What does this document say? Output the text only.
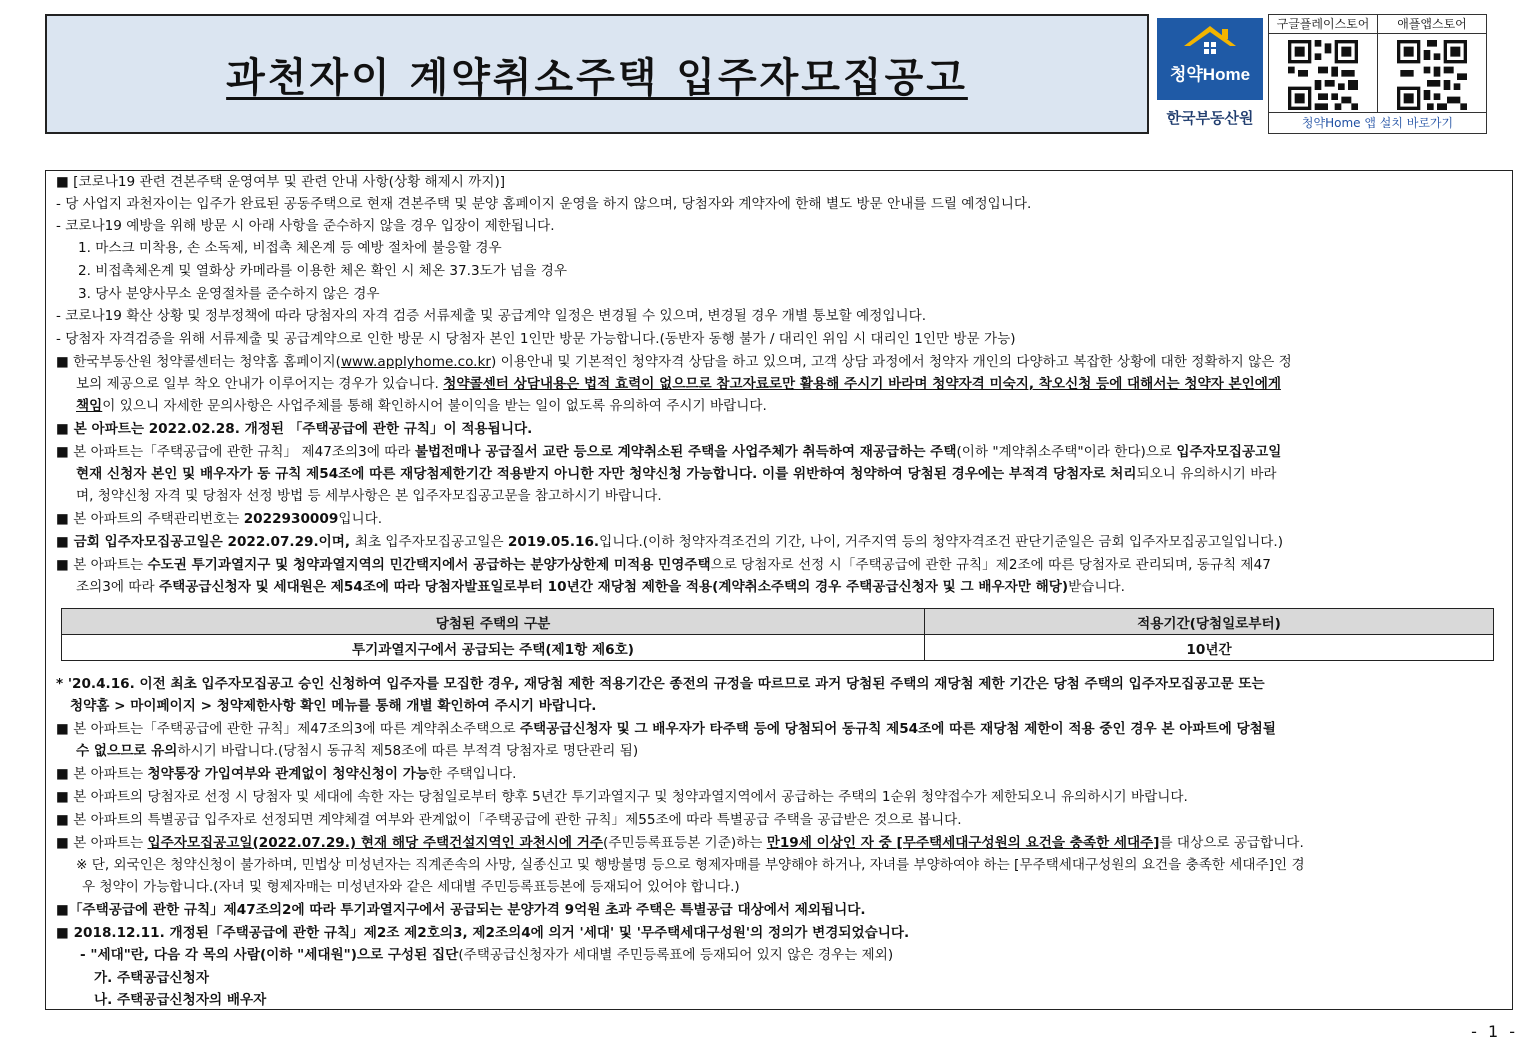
과천자이 계약취소주택 입주자모집공고	청약Home
한국부동산원
구글플레이스토어	애플앱스토어
청약Home 앱 설치 바로가기
■ [코로나19 관련 견본주택 운영여부 및 관련 안내 사항(상황 해제시 까지)]
- 당 사업지 과천자이는 입주가 완료된 공동주택으로 현재 견본주택 및 분양 홈페이지 운영을 하지 않으며, 당첨자와 계약자에 한해 별도 방문 안내를 드릴 예정입니다.
- 코로나19 예방을 위해 방문 시 아래 사항을 준수하지 않을 경우 입장이 제한됩니다.
1. 마스크 미착용, 손 소독제, 비접촉 체온계 등 예방 절차에 불응할 경우
2. 비접촉체온계 및 열화상 카메라를 이용한 체온 확인 시 체온 37.3도가 넘을 경우
3. 당사 분양사무소 운영절차를 준수하지 않은 경우
- 코로나19 확산 상황 및 정부정책에 따라 당첨자의 자격 검증 서류제출 및 공급계약 일정은 변경될 수 있으며, 변경될 경우 개별 통보할 예정입니다.
- 당첨자 자격검증을 위해 서류제출 및 공급계약으로 인한 방문 시 당첨자 본인 1인만 방문 가능합니다.(동반자 동행 불가 / 대리인 위임 시 대리인 1인만 방문 가능)
■ 한국부동산원 청약콜센터는 청약홈 홈페이지(www.applyhome.co.kr) 이용안내 및 기본적인 청약자격 상담을 하고 있으며, 고객 상담 과정에서 청약자 개인의 다양하고 복잡한 상황에 대한 정확하지 않은 정
보의 제공으로 일부 착오 안내가 이루어지는 경우가 있습니다. 청약콜센터 상담내용은 법적 효력이 없으므로 참고자료로만 활용해 주시기 바라며 청약자격 미숙지, 착오신청 등에 대해서는 청약자 본인에게
책임이 있으니 자세한 문의사항은 사업주체를 통해 확인하시어 불이익을 받는 일이 없도록 유의하여 주시기 바랍니다.
■ 본 아파트는 2022.02.28. 개정된 「주택공급에 관한 규칙」이 적용됩니다.
■ 본 아파트는「주택공급에 관한 규칙」 제47조의3에 따라 불법전매나 공급질서 교란 등으로 계약취소된 주택을 사업주체가 취득하여 재공급하는 주택(이하 "계약취소주택"이라 한다)으로 입주자모집공고일
현재 신청자 본인 및 배우자가 동 규칙 제54조에 따른 재당첨제한기간 적용받지 아니한 자만 청약신청 가능합니다. 이를 위반하여 청약하여 당첨된 경우에는 부적격 당첨자로 처리되오니 유의하시기 바라
며, 청약신청 자격 및 당첨자 선정 방법 등 세부사항은 본 입주자모집공고문을 참고하시기 바랍니다.
■ 본 아파트의 주택관리번호는 2022930009입니다.
■ 금회 입주자모집공고일은 2022.07.29.이며, 최초 입주자모집공고일은 2019.05.16.입니다.(이하 청약자격조건의 기간, 나이, 거주지역 등의 청약자격조건 판단기준일은 금회 입주자모집공고일입니다.)
■ 본 아파트는 수도권 투기과열지구 및 청약과열지역의 민간택지에서 공급하는 분양가상한제 미적용 민영주택으로 당첨자로 선정 시「주택공급에 관한 규칙」제2조에 따른 당첨자로 관리되며, 동규칙 제47
조의3에 따라 주택공급신청자 및 세대원은 제54조에 따라 당첨자발표일로부터 10년간 재당첨 제한을 적용(계약취소주택의 경우 주택공급신청자 및 그 배우자만 해당)받습니다.
당첨된 주택의 구분	적용기간(당첨일로부터)
투기과열지구에서 공급되는 주택(제1항 제6호)	10년간
* '20.4.16. 이전 최초 입주자모집공고 승인 신청하여 입주자를 모집한 경우, 재당첨 제한 적용기간은 종전의 규정을 따르므로 과거 당첨된 주택의 재당첨 제한 기간은 당첨 주택의 입주자모집공고문 또는
청약홈 > 마이페이지 > 청약제한사항 확인 메뉴를 통해 개별 확인하여 주시기 바랍니다.
■ 본 아파트는「주택공급에 관한 규칙」제47조의3에 따른 계약취소주택으로 주택공급신청자 및 그 배우자가 타주택 등에 당첨되어 동규칙 제54조에 따른 재당첨 제한이 적용 중인 경우 본 아파트에 당첨될
수 없으므로 유의하시기 바랍니다.(당첨시 동규칙 제58조에 따른 부적격 당첨자로 명단관리 됨)
■ 본 아파트는 청약통장 가입여부와 관계없이 청약신청이 가능한 주택입니다.
■ 본 아파트의 당첨자로 선정 시 당첨자 및 세대에 속한 자는 당첨일로부터 향후 5년간 투기과열지구 및 청약과열지역에서 공급하는 주택의 1순위 청약접수가 제한되오니 유의하시기 바랍니다.
■ 본 아파트의 특별공급 입주자로 선정되면 계약체결 여부와 관계없이「주택공급에 관한 규칙」제55조에 따라 특별공급 주택을 공급받은 것으로 봅니다.
■ 본 아파트는 입주자모집공고일(2022.07.29.) 현재 해당 주택건설지역인 과천시에 거주(주민등록표등본 기준)하는 만19세 이상인 자 중 [무주택세대구성원의 요건을 충족한 세대주]를 대상으로 공급합니다.
※ 단, 외국인은 청약신청이 불가하며, 민법상 미성년자는 직계존속의 사망, 실종신고 및 행방불명 등으로 형제자매를 부양해야 하거나, 자녀를 부양하여야 하는 [무주택세대구성원의 요건을 충족한 세대주]인 경
우 청약이 가능합니다.(자녀 및 형제자매는 미성년자와 같은 세대별 주민등록표등본에 등재되어 있어야 합니다.)
■「주택공급에 관한 규칙」제47조의2에 따라 투기과열지구에서 공급되는 분양가격 9억원 초과 주택은 특별공급 대상에서 제외됩니다.
■ 2018.12.11. 개정된「주택공급에 관한 규칙」제2조 제2호의3, 제2조의4에 의거 '세대' 및 '무주택세대구성원'의 정의가 변경되었습니다.
- "세대"란, 다음 각 목의 사람(이하 "세대원")으로 구성된 집단(주택공급신청자가 세대별 주민등록표에 등재되어 있지 않은 경우는 제외)
가. 주택공급신청자
나. 주택공급신청자의 배우자
- 1 -
